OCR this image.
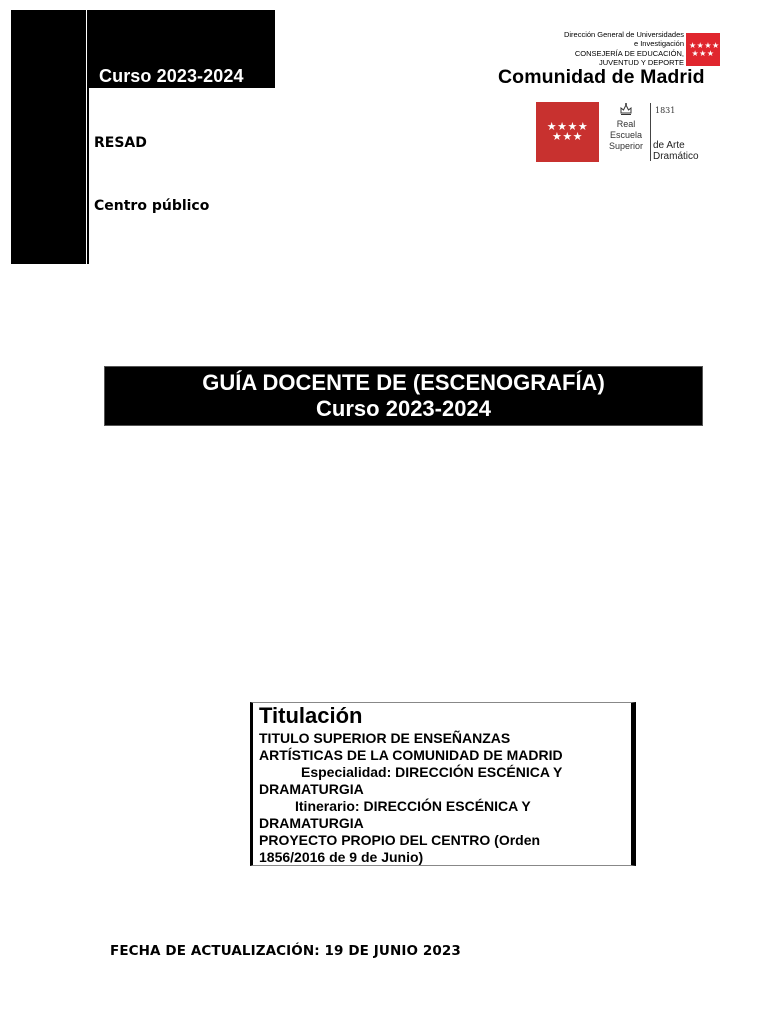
Curso 2023-2024
RESAD
Centro público
Dirección General de Universidades
e Investigación
CONSEJERÍA DE EDUCACIÓN,
JUVENTUD Y DEPORTE
★★★★
★★★
Comunidad de Madrid
★★★★
★★★
Real
Escuela
Superior
1831
de Arte
Dramático
GUÍA DOCENTE DE (ESCENOGRAFÍA)
Curso 2023-2024
Titulación
TITULO SUPERIOR DE ENSEÑANZAS
ARTÍSTICAS DE LA COMUNIDAD DE MADRID
Especialidad: DIRECCIÓN ESCÉNICA Y
DRAMATURGIA
Itinerario: DIRECCIÓN ESCÉNICA Y
DRAMATURGIA
PROYECTO PROPIO DEL CENTRO (Orden
1856/2016 de 9 de Junio)
FECHA DE ACTUALIZACIÓN: 19 DE JUNIO 2023
